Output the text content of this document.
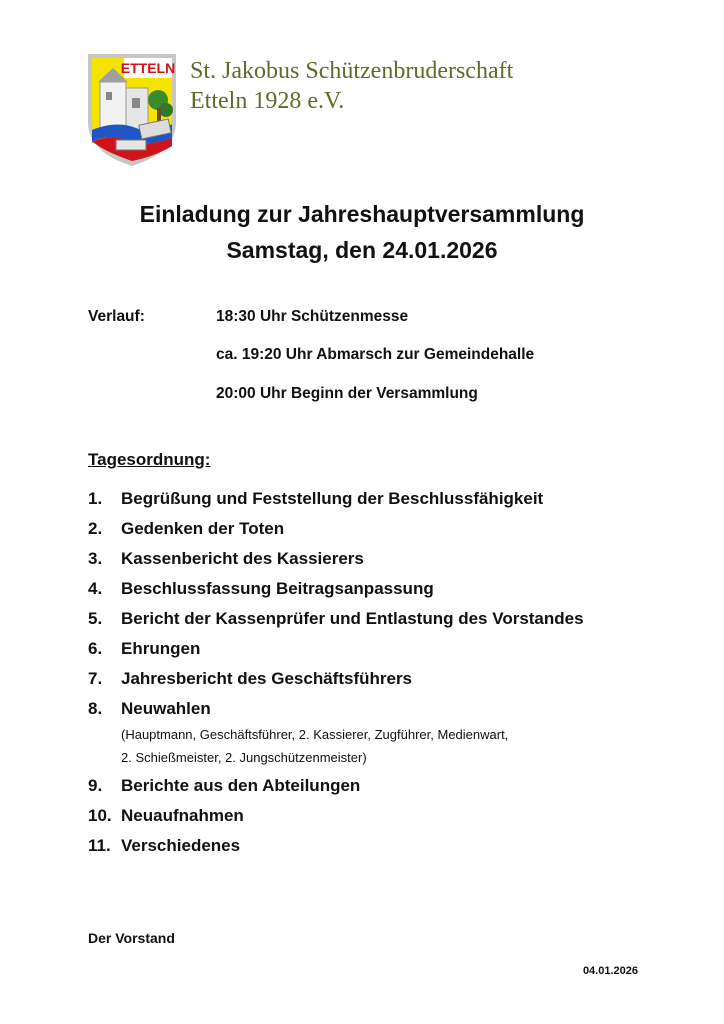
ETTELN St. Jakobus Schützenbruderschaft
Etteln 1928 e.V.
Einladung zur Jahreshauptversammlung
Samstag, den 24.01.2026
Verlauf:	18:30 Uhr Schützenmesse
ca. 19:20 Uhr Abmarsch zur Gemeindehalle
20:00 Uhr Beginn der Versammlung
Tagesordnung:
1. Begrüßung und Feststellung der Beschlussfähigkeit
2. Gedenken der Toten
3. Kassenbericht des Kassierers
4. Beschlussfassung Beitragsanpassung
5. Bericht der Kassenprüfer und Entlastung des Vorstandes
6. Ehrungen
7. Jahresbericht des Geschäftsführers
8. Neuwahlen
(Hauptmann, Geschäftsführer, 2. Kassierer, Zugführer, Medienwart,
2. Schießmeister, 2. Jungschützenmeister)
9. Berichte aus den Abteilungen
10. Neuaufnahmen
11. Verschiedenes
Der Vorstand
04.01.2026
